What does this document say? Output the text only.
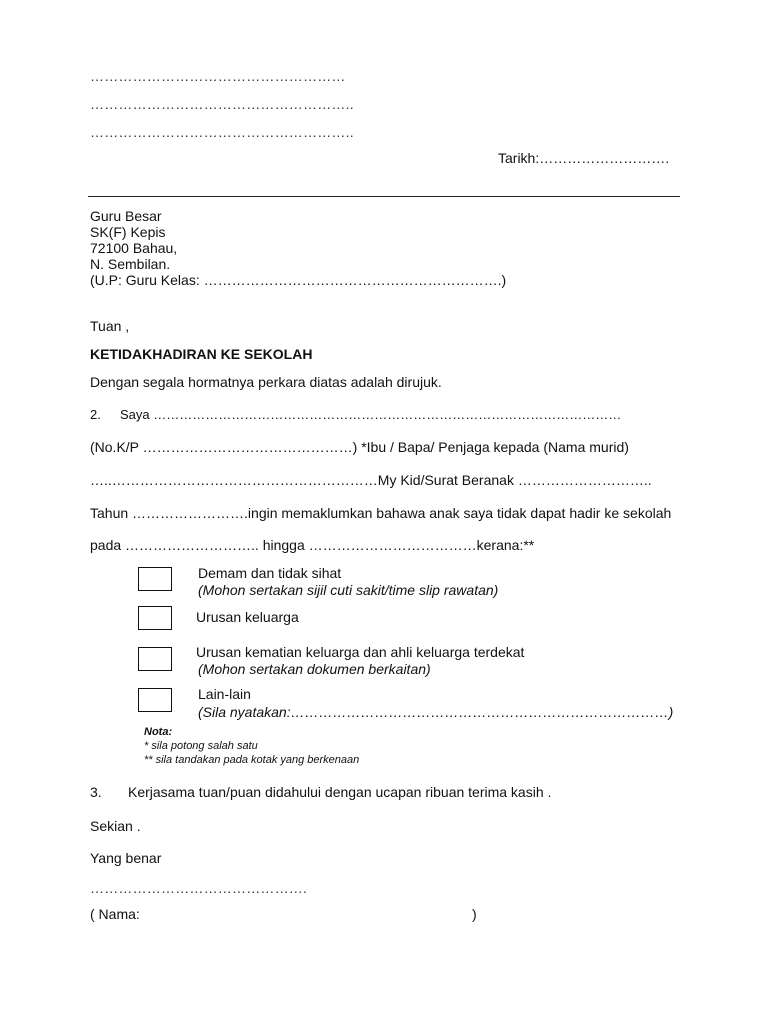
………………………………………………
………………………………………………..
………………………………………………..
Tarikh:……………………….
Guru Besar
SK(F) Kepis
72100 Bahau,
N. Sembilan.
(U.P: Guru Kelas: ……………………………………………………….)
Tuan ,
KETIDAKHADIRAN KE SEKOLAH
Dengan segala hormatnya perkara diatas adalah dirujuk.
2. Saya ………………………………………………………………………………………………
(No.K/P ………………………………………) *Ibu / Bapa/ Penjaga kepada (Nama murid)
…..…………………………………………………My Kid/Surat Beranak ………………………..
Tahun …………………….ingin memaklumkan bahawa anak saya tidak dapat hadir ke sekolah
pada ……………………….. hingga ………………………………kerana:**
Demam dan tidak sihat
(Mohon sertakan sijil cuti sakit/time slip rawatan)
Urusan keluarga
Urusan kematian keluarga dan ahli keluarga terdekat
(Mohon sertakan dokumen berkaitan)
Lain-lain
(Sila nyatakan:………………………………………………………………………)
Nota:
* sila potong salah satu
** sila tandakan pada kotak yang berkenaan
3. Kerjasama tuan/puan didahului dengan ucapan ribuan terima kasih .
Sekian .
Yang benar
……………………………………….
( Nama:	)
